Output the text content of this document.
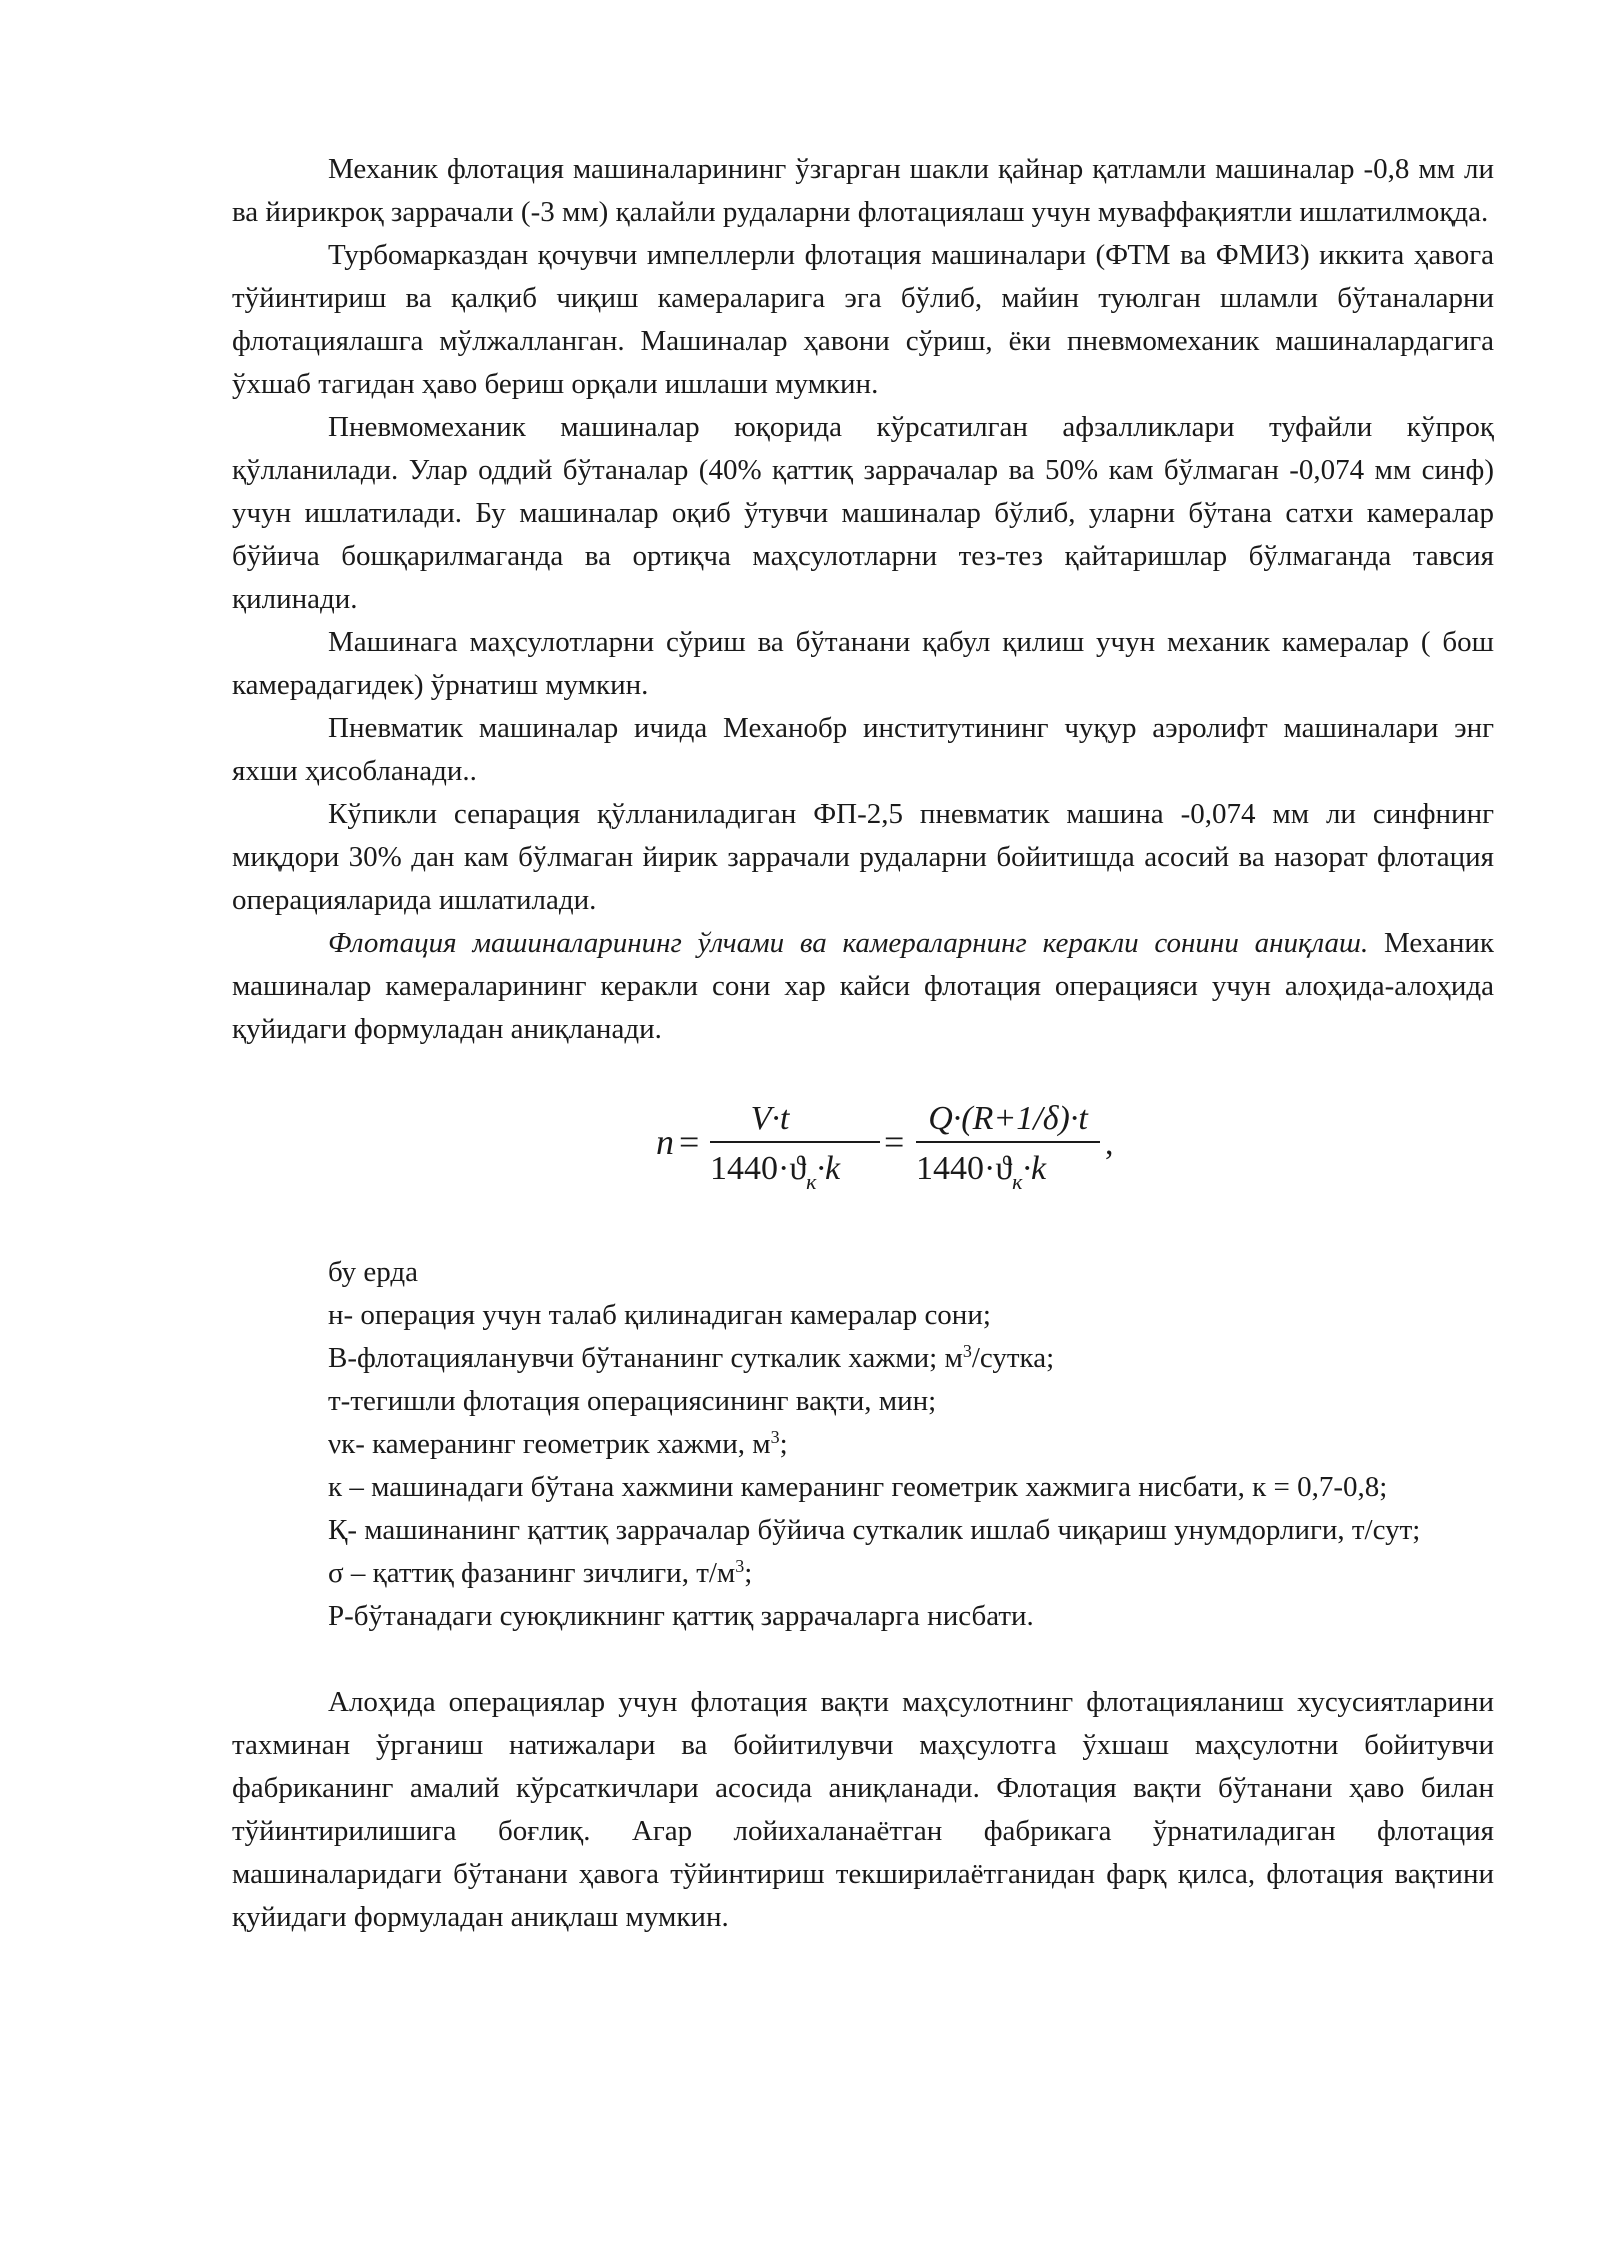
Механик флотация машиналарининг ўзгарган шакли қайнар қатламли машиналар -0,8 мм ли ва йирикроқ заррачали (-3 мм) қалайли рудаларни флотациялаш учун муваффақиятли ишлатилмоқда.

Турбомарказдан қочувчи импеллерли флотация машиналари (ФТМ ва ФМИЗ) иккита ҳавога тўйинтириш ва қалқиб чиқиш камераларига эга бўлиб, майин туюлган шламли бўтаналарни флотациялашга мўлжалланган. Машиналар ҳавони сўриш, ёки пневмомеханик машиналардагига ўхшаб тагидан ҳаво бериш орқали ишлаши мумкин.

Пневмомеханик машиналар юқорида кўрсатилган афзалликлари туфайли кўпроқ қўлланилади. Улар оддий бўтаналар (40% қаттиқ заррачалар ва 50% кам бўлмаган -0,074 мм синф) учун ишлатилади. Бу машиналар оқиб ўтувчи машиналар бўлиб, уларни бўтана сатхи камералар бўйича бошқарилмаганда ва ортиқча маҳсулотларни тез-тез қайтаришлар бўлмаганда тавсия қилинади.

Машинага маҳсулотларни сўриш ва бўтанани қабул қилиш учун механик камералар ( бош камерадагидек) ўрнатиш мумкин.

Пневматик машиналар ичида Механобр институтининг чуқур аэролифт машиналари энг яхши ҳисобланади..

Кўпикли сепарация қўлланиладиган ФП-2,5 пневматик машина -0,074 мм ли синфнинг миқдори 30% дан кам бўлмаган йирик заррачали рудаларни бойитишда асосий ва назорат флотация операцияларида ишлатилади.

Флотация машиналарининг ўлчами ва камераларнинг керакли сонини аниқлаш. Механик машиналар камераларининг керакли сони хар кайси флотация операцияси учун алоҳида-алоҳида қуйидаги формуладан аниқланади.

n =
V·t
$1440\cdot ϑ_к\cdot k$
=
Q·(R+1/δ)·t
$1440\cdot ϑ_к\cdot k$
,

бу ерда

н- операция учун талаб қилинадиган камералар сони;

В-флотацияланувчи бўтананинг суткалик хажми; $м^3$/сутка;

т-тегишли флотация операциясининг вақти, мин;

νк- камеранинг геометрик хажми, $м^3$;

к – машинадаги бўтана хажмини камеранинг геометрик хажмига нисбати, к = 0,7-0,8;

Қ- машинанинг қаттиқ заррачалар бўйича суткалик ишлаб чиқариш унумдорлиги, т/сут;

σ – қаттиқ фазанинг зичлиги, $т/м^3$;

Р-бўтанадаги суюқликнинг қаттиқ заррачаларга нисбати.

Алоҳида операциялар учун флотация вақти маҳсулотнинг флотацияланиш хусусиятларини тахминан ўрганиш натижалари ва бойитилувчи маҳсулотга ўхшаш маҳсулотни бойитувчи фабриканинг амалий кўрсаткичлари асосида аниқланади. Флотация вақти бўтанани ҳаво билан тўйинтирилишига боғлиқ. Агар лойихаланаётган фабрикага ўрнатиладиган флотация машиналаридаги бўтанани ҳавога тўйинтириш текширилаётганидан фарқ қилса, флотация вақтини қуйидаги формуладан аниқлаш мумкин.
